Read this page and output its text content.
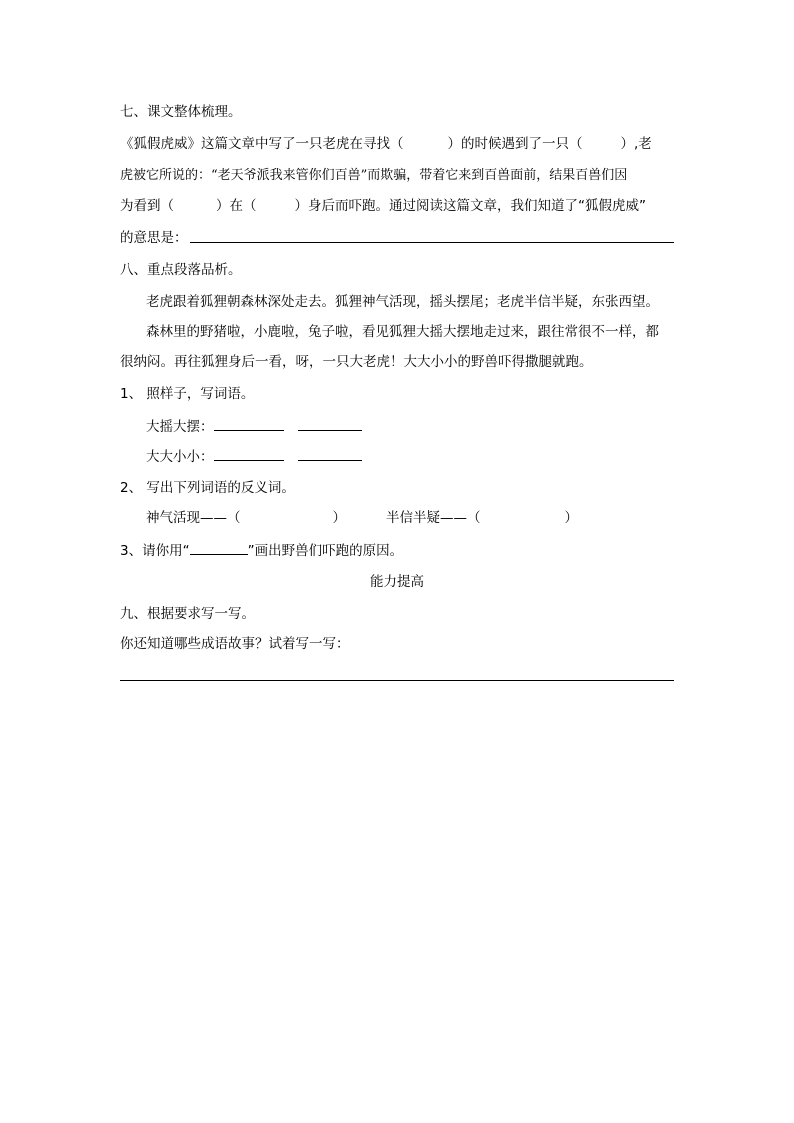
七、课文整体梳理。
《狐假虎威》这篇文章中写了一只老虎在寻找（	）的时候遇到了一只（	）,老
虎被它所说的：“老天爷派我来管你们百兽”而欺骗，带着它来到百兽面前，结果百兽们因
为看到（	）在（	）身后而吓跑。通过阅读这篇文章，我们知道了“狐假虎威”
的意思是：
八、重点段落品析。
老虎跟着狐狸朝森林深处走去。狐狸神气活现，摇头摆尾；老虎半信半疑，东张西望。
森林里的野猪啦，小鹿啦，兔子啦，看见狐狸大摇大摆地走过来，跟往常很不一样，都
很纳闷。再往狐狸身后一看，呀，一只大老虎！大大小小的野兽吓得撒腿就跑。
1、 照样子，写词语。
大摇大摆：
大大小小：
2、 写出下列词语的反义词。
神气活现——（	）	半信半疑——（	）
3、请你用“	”画出野兽们吓跑的原因。
能力提高
九、根据要求写一写。
你还知道哪些成语故事？试着写一写：
